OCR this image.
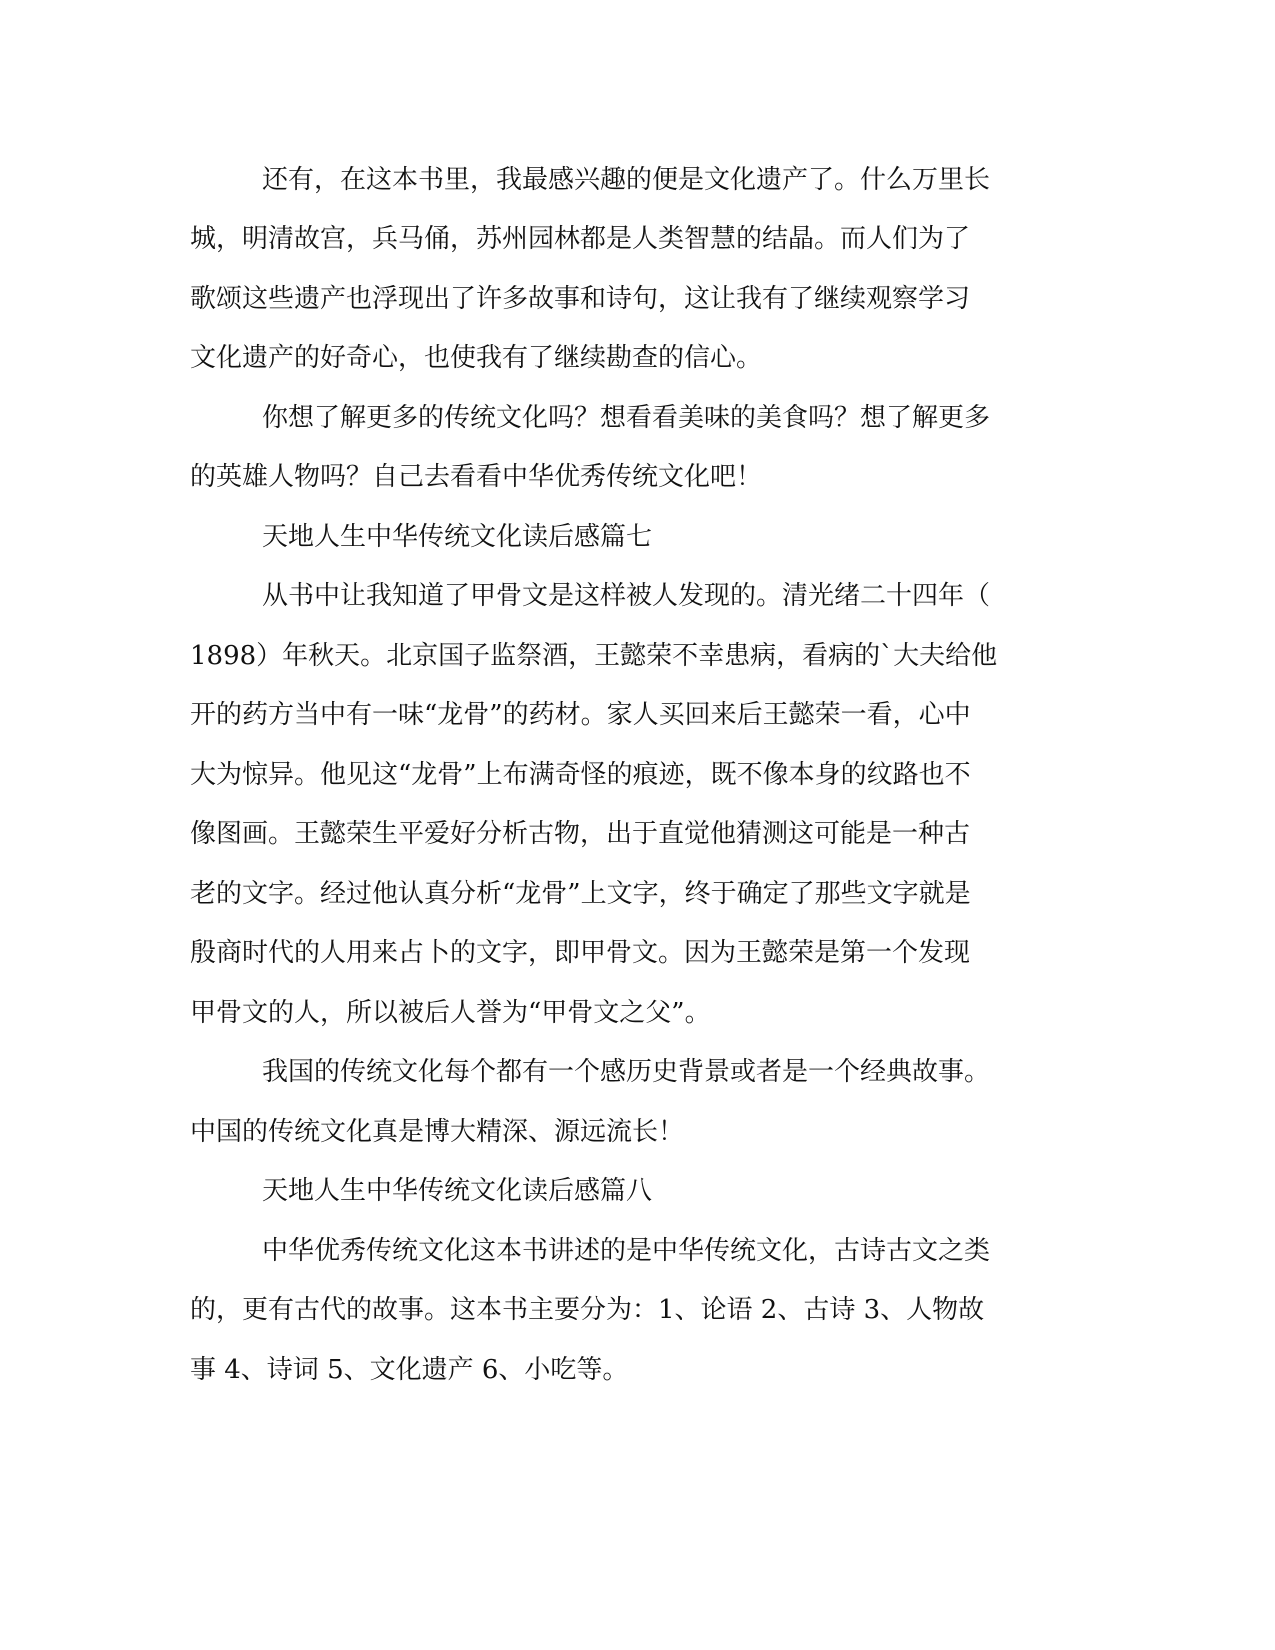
还有，在这本书里，我最感兴趣的便是文化遗产了。什么万里长
城，明清故宫，兵马俑，苏州园林都是人类智慧的结晶。而人们为了
歌颂这些遗产也浮现出了许多故事和诗句，这让我有了继续观察学习
文化遗产的好奇心，也使我有了继续勘查的信心。
你想了解更多的传统文化吗？想看看美味的美食吗？想了解更多
的英雄人物吗？自己去看看中华优秀传统文化吧！
天地人生中华传统文化读后感篇七
从书中让我知道了甲骨文是这样被人发现的。清光绪二十四年（
1898）年秋天。北京国子监祭酒，王懿荣不幸患病，看病的`大夫给他
开的药方当中有一味“龙骨”的药材。家人买回来后王懿荣一看，心中
大为惊异。他见这“龙骨”上布满奇怪的痕迹，既不像本身的纹路也不
像图画。王懿荣生平爱好分析古物，出于直觉他猜测这可能是一种古
老的文字。经过他认真分析“龙骨”上文字，终于确定了那些文字就是
殷商时代的人用来占卜的文字，即甲骨文。因为王懿荣是第一个发现
甲骨文的人，所以被后人誉为“甲骨文之父”。
我国的传统文化每个都有一个感历史背景或者是一个经典故事。
中国的传统文化真是博大精深、源远流长！
天地人生中华传统文化读后感篇八
中华优秀传统文化这本书讲述的是中华传统文化，古诗古文之类
的，更有古代的故事。这本书主要分为：1、论语 2、古诗 3、人物故
事 4、诗词 5、文化遗产 6、小吃等。
